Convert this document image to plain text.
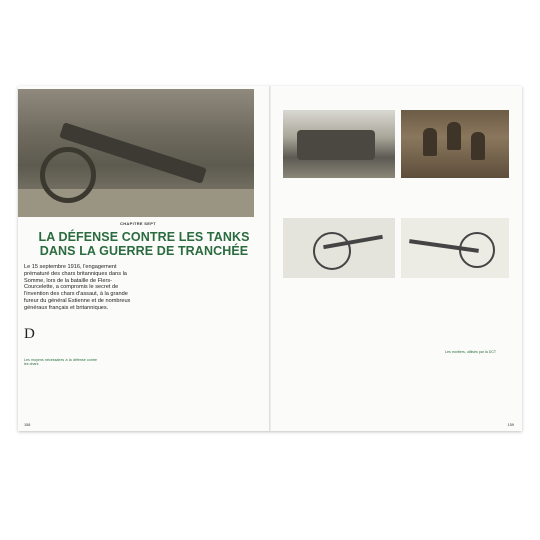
CHAPITRE SEPT
LA DÉFENSE CONTRE LES TANKS DANS LA GUERRE DE TRANCHÉE
Le 15 septembre 1916, l'engagement prématuré des chars britanniques dans la Somme, lors de la bataille de Flers-Courcelette, a compromis le secret de l'invention des chars d'assaut, à la grande fureur du général Estienne et de nombreux généraux français et britanniques.
D
Les moyens nécessaires à la défense contre les chars
158
Les mortiers, utilisés par la DCT
159
